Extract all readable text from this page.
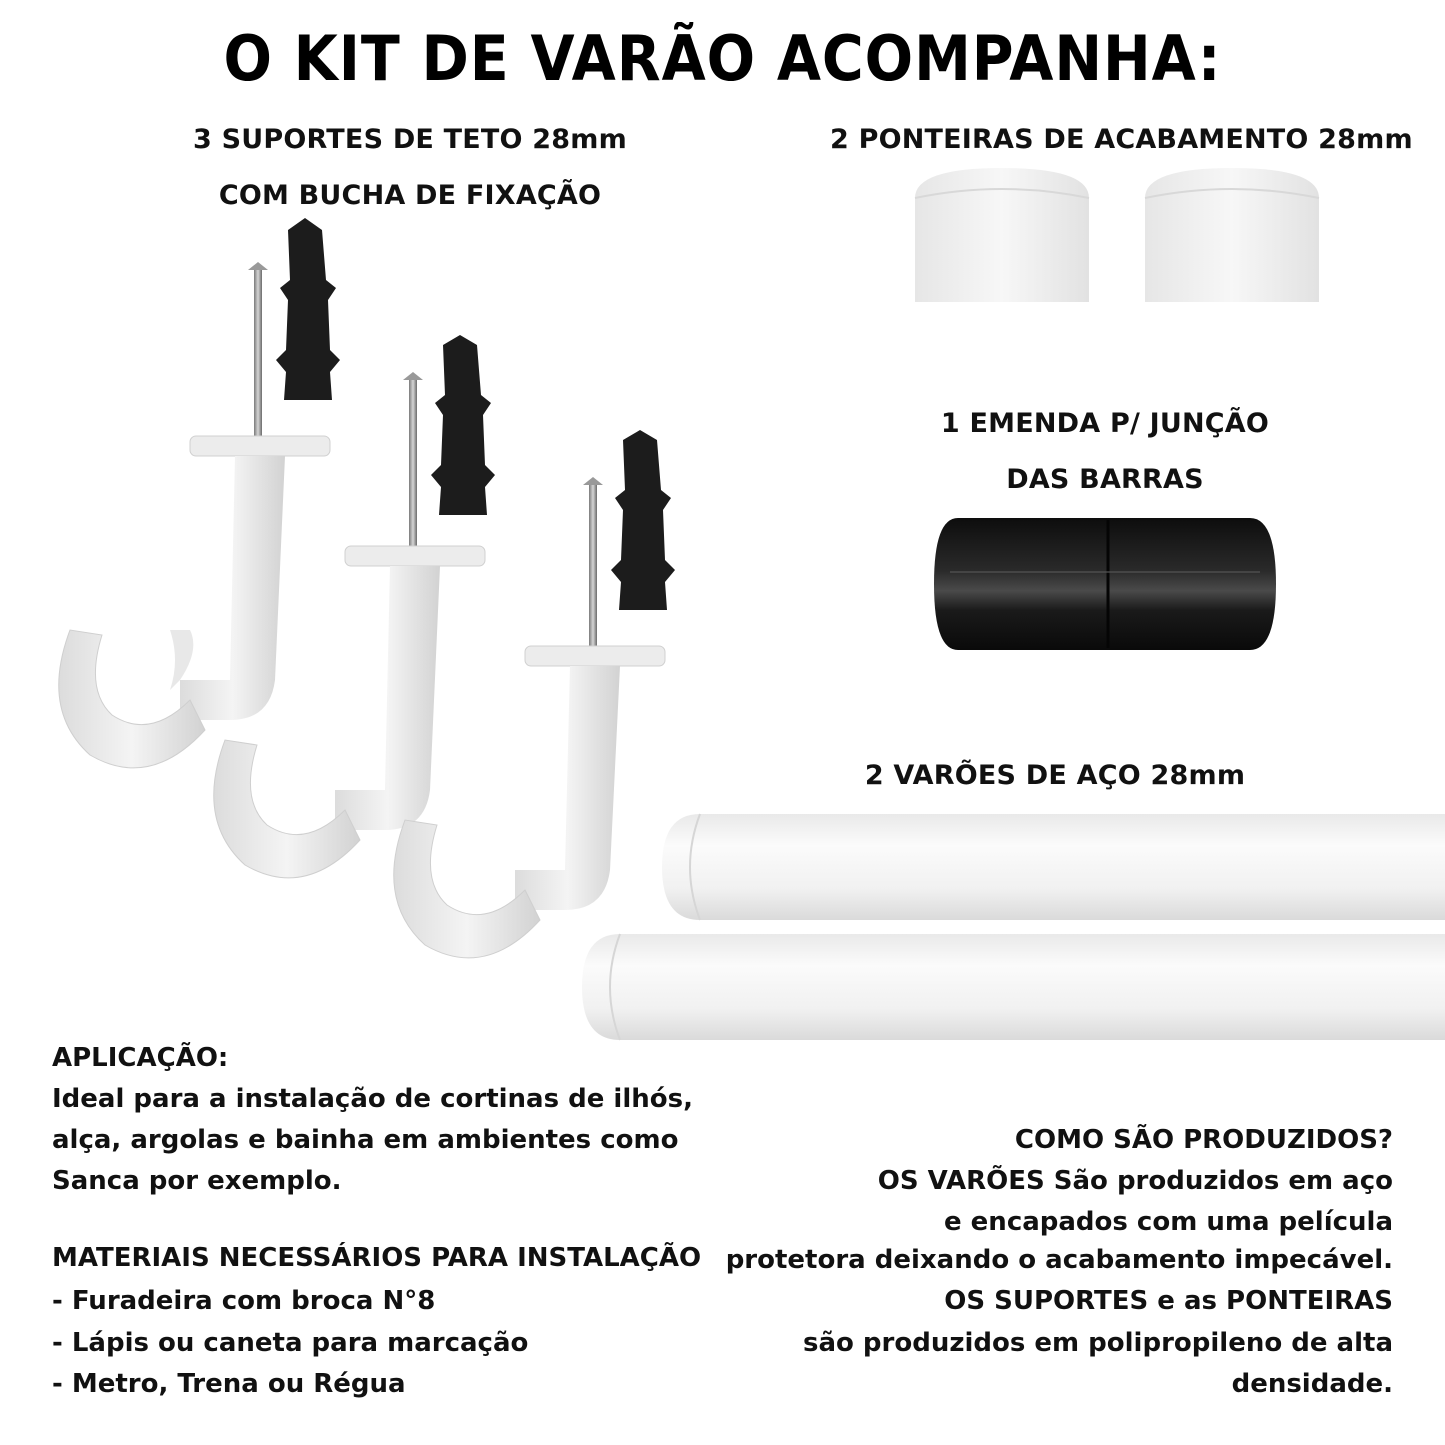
O KIT DE VARÃO ACOMPANHA:
3 SUPORTES DE TETO 28mm
COM BUCHA DE FIXAÇÃO
2 PONTEIRAS DE ACABAMENTO 28mm
1 EMENDA P/ JUNÇÃO
DAS BARRAS
2 VARÕES DE AÇO 28mm
APLICAÇÃO:
Ideal para a instalação de cortinas de ilhós,
alça, argolas e bainha em ambientes como
Sanca por exemplo.
MATERIAIS NECESSÁRIOS PARA INSTALAÇÃO
- Furadeira com broca N°8
- Lápis ou caneta para marcação
- Metro, Trena ou Régua
COMO SÃO PRODUZIDOS?
OS VARÕES São produzidos em aço
e encapados com uma película
protetora deixando o acabamento impecável.
OS SUPORTES e as PONTEIRAS
são produzidos em polipropileno de alta
densidade.
